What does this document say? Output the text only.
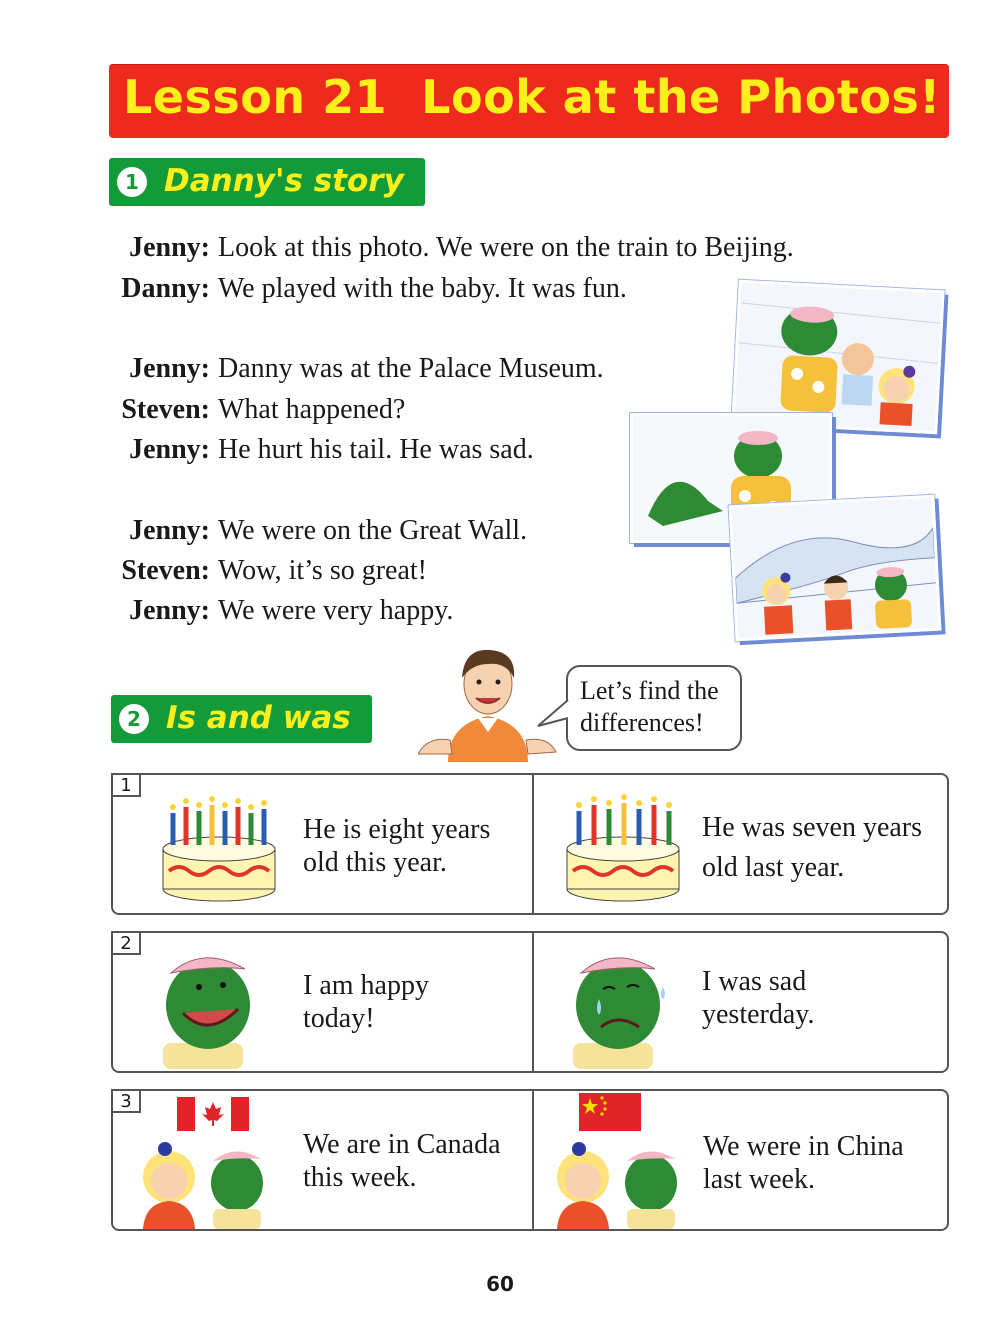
Lesson 21 Look at the Photos!
1 Danny's story
Jenny: Look at this photo. We were on the train to Beijing.
Danny: We played with the baby. It was fun.
Jenny: Danny was at the Palace Museum.
Steven: What happened?
Jenny: He hurt his tail. He was sad.
Jenny: We were on the Great Wall.
Steven: Wow, it’s so great!
Jenny: We were very happy.
2 Is and was
Let’s find the
differences!
1
He is eight years
old this year.
He was seven years
old last year.
2
I am happy
today!
I was sad
yesterday.
3
We are in Canada
this week.
We were in China
last week.
60
